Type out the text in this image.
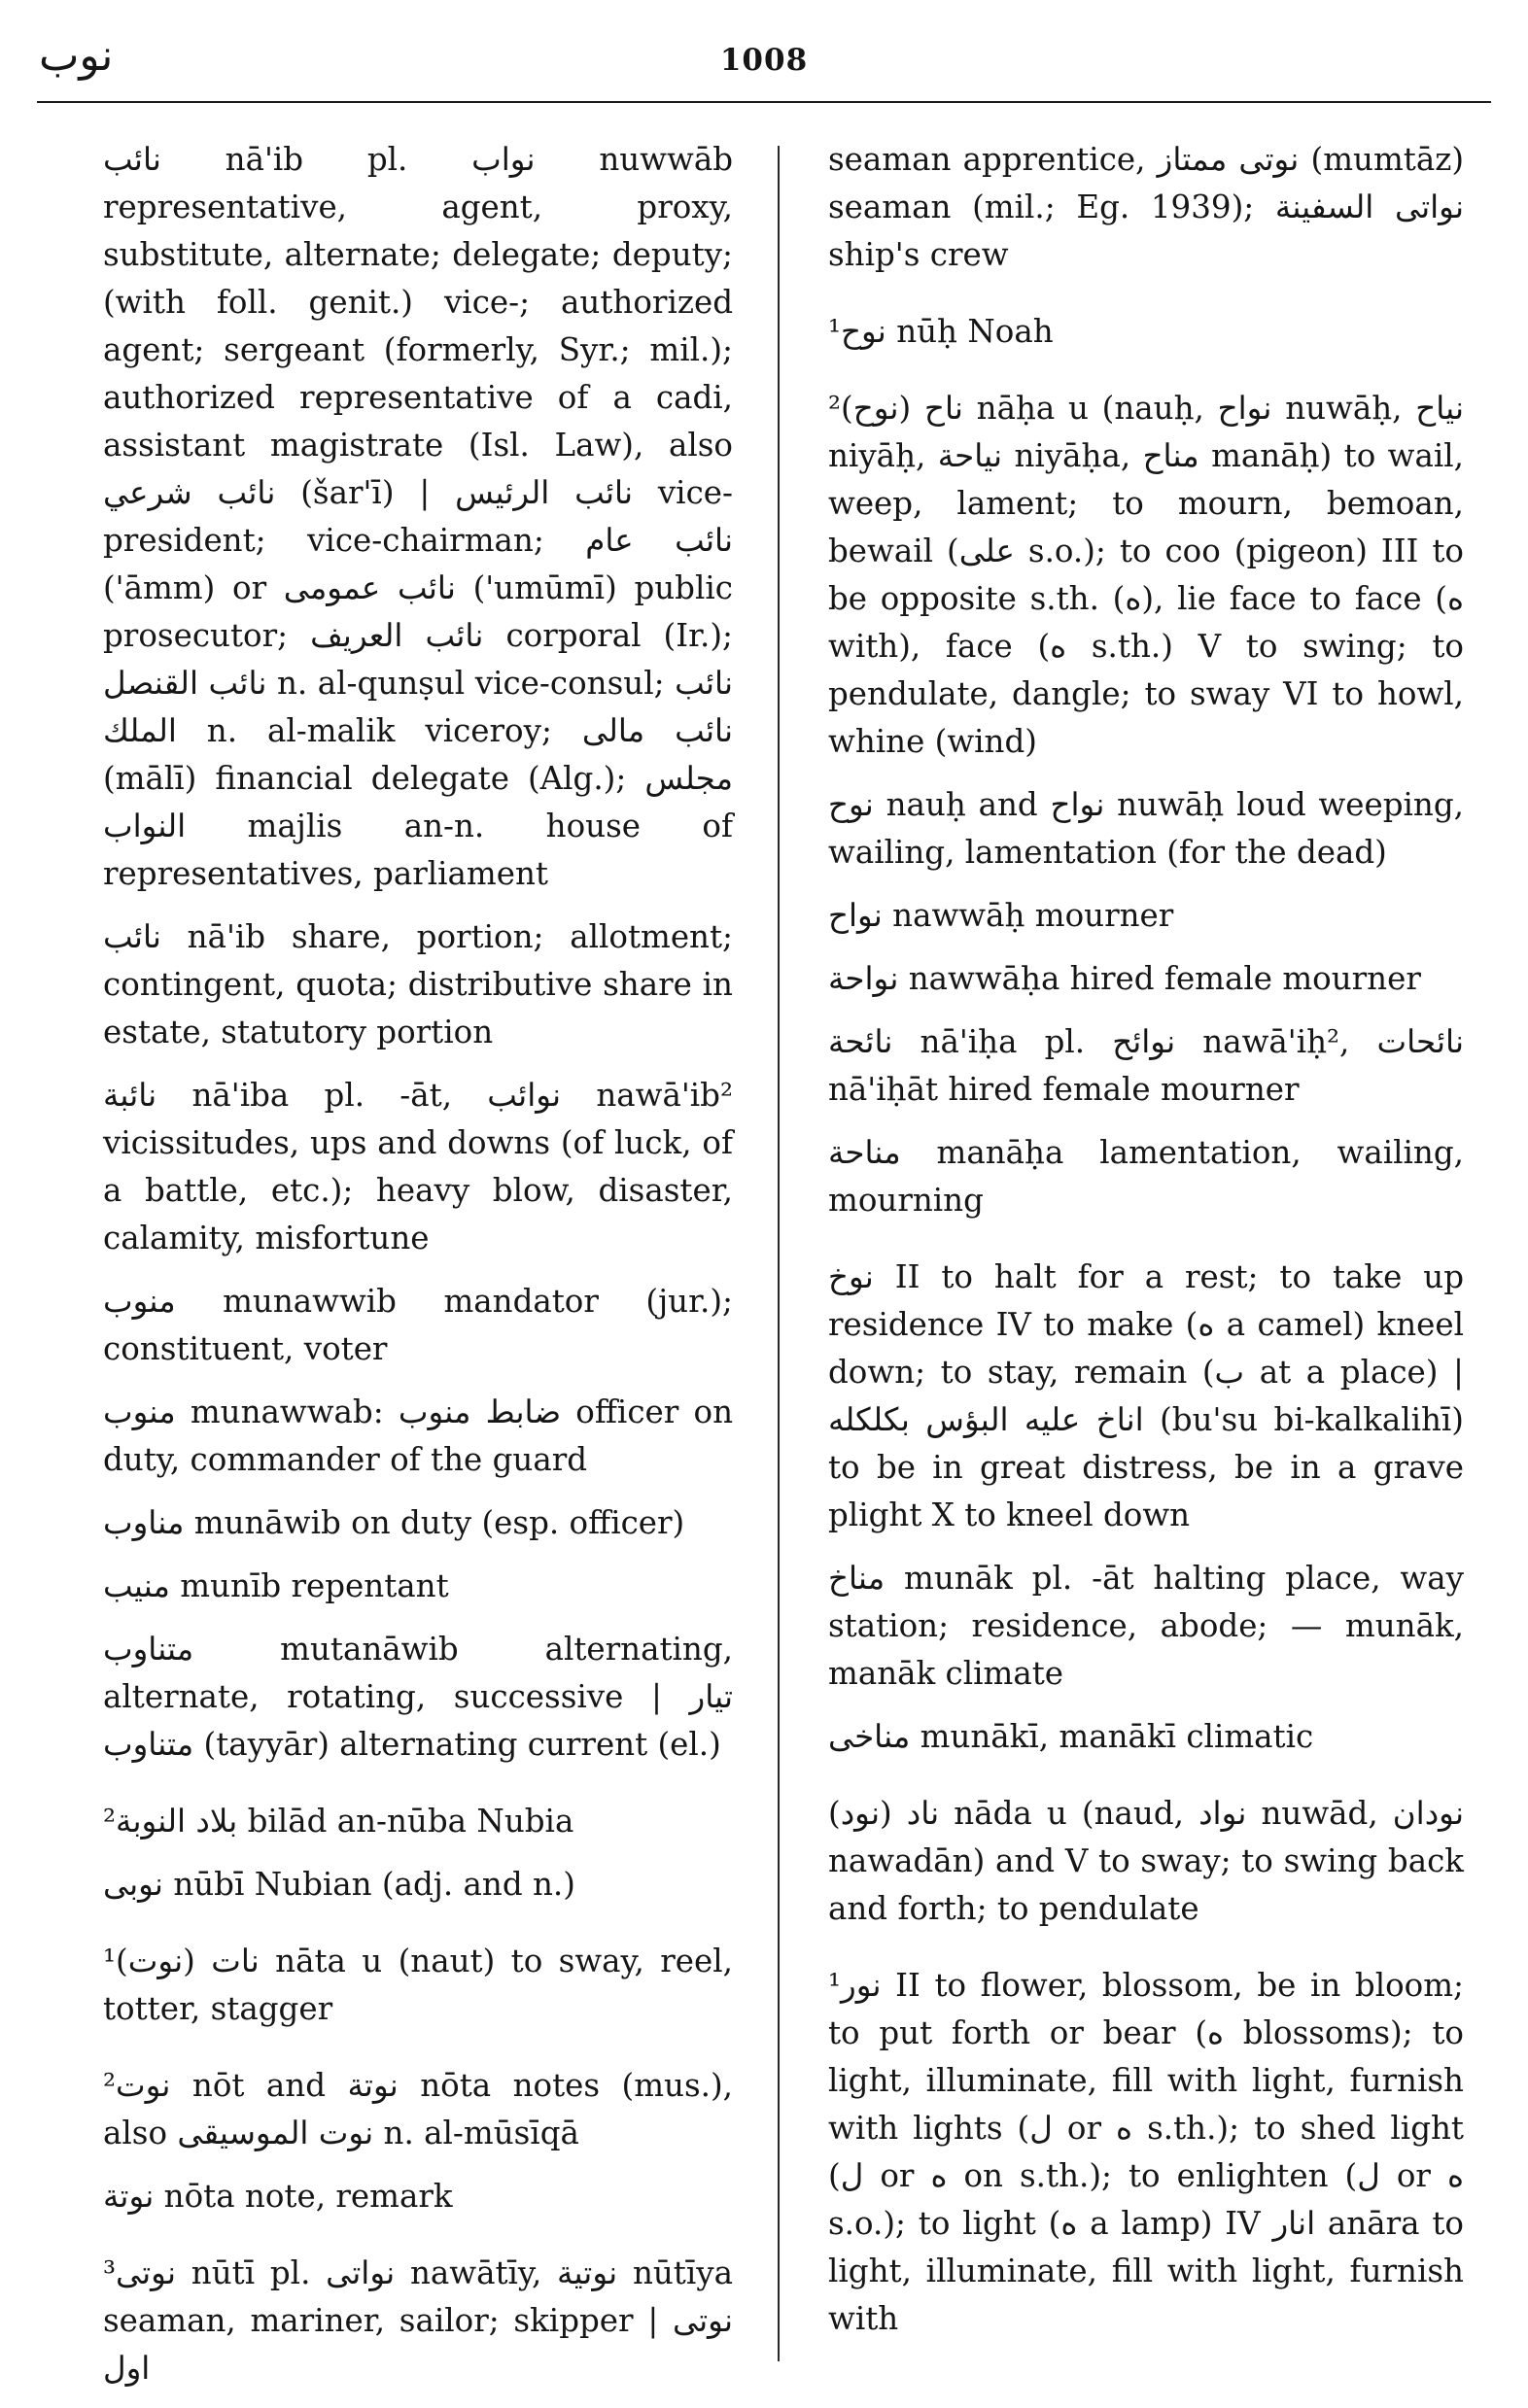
نوب	1008

نائب nā'ib pl. نواب nuwwāb representative, agent, proxy, substitute, alternate; delegate; deputy; (with foll. genit.) vice-; authorized agent; sergeant (formerly, Syr.; mil.); authorized representative of a cadi, assistant magistrate (Isl. Law), also نائب شرعي (šar'ī) | نائب الرئيس vice-president; vice-chairman; نائب عام ('āmm) or نائب عمومى ('umūmī) public prosecutor; نائب العريف corporal (Ir.); نائب القنصل n. al-qunṣul vice-consul; نائب الملك n. al-malik viceroy; نائب مالى (mālī) financial delegate (Alg.); مجلس النواب majlis an-n. house of representatives, parliament

نائب nā'ib share, portion; allotment; contingent, quota; distributive share in estate, statutory portion

نائبة nā'iba pl. -āt, نوائب nawā'ib² vicissitudes, ups and downs (of luck, of a battle, etc.); heavy blow, disaster, calamity, misfortune

منوب munawwib mandator (jur.); constituent, voter

منوب munawwab: ضابط منوب officer on duty, commander of the guard

مناوب munāwib on duty (esp. officer)

منيب munīb repentant

متناوب mutanāwib alternating, alternate, rotating, successive | تيار متناوب (tayyār) alternating current (el.)

²بلاد النوبة bilād an-nūba Nubia

نوبى nūbī Nubian (adj. and n.)

¹(نوت) نات nāta u (naut) to sway, reel, totter, stagger

²نوت nōt and نوتة nōta notes (mus.), also نوت الموسيقى n. al-mūsīqā

نوتة nōta note, remark

³نوتى nūtī pl. نواتى nawātīy, نوتية nūtīya seaman, mariner, sailor; skipper | نوتى اول

seaman apprentice, نوتى ممتاز (mumtāz) seaman (mil.; Eg. 1939); نواتى السفينة ship's crew

¹نوح nūḥ Noah

²(نوح) ناح nāḥa u (nauḥ, نواح nuwāḥ, نياح niyāḥ, نياحة niyāḥa, مناح manāḥ) to wail, weep, lament; to mourn, bemoan, bewail (على s.o.); to coo (pigeon) III to be opposite s.th. (ه), lie face to face (ه with), face (ه s.th.) V to swing; to pendulate, dangle; to sway VI to howl, whine (wind)

نوح nauḥ and نواح nuwāḥ loud weeping, wailing, lamentation (for the dead)

نواح nawwāḥ mourner

نواحة nawwāḥa hired female mourner

نائحة nā'iḥa pl. نوائح nawā'iḥ², نائحات nā'iḥāt hired female mourner

مناحة manāḥa lamentation, wailing, mourning

نوخ II to halt for a rest; to take up residence IV to make (ه a camel) kneel down; to stay, remain (ب at a place) | اناخ عليه البؤس بكلكله (bu'su bi-kalkalihī) to be in great distress, be in a grave plight X to kneel down

مناخ munāk pl. -āt halting place, way station; residence, abode; — munāk, manāk climate

مناخى munākī, manākī climatic

(نود) ناد nāda u (naud, نواد nuwād, نودان nawadān) and V to sway; to swing back and forth; to pendulate

¹نور II to flower, blossom, be in bloom; to put forth or bear (ه blossoms); to light, illuminate, fill with light, furnish with lights (ل or ه s.th.); to shed light (ل or ه on s.th.); to enlighten (ل or ه s.o.); to light (ه a lamp) IV انار anāra to light, illuminate, fill with light, furnish with
